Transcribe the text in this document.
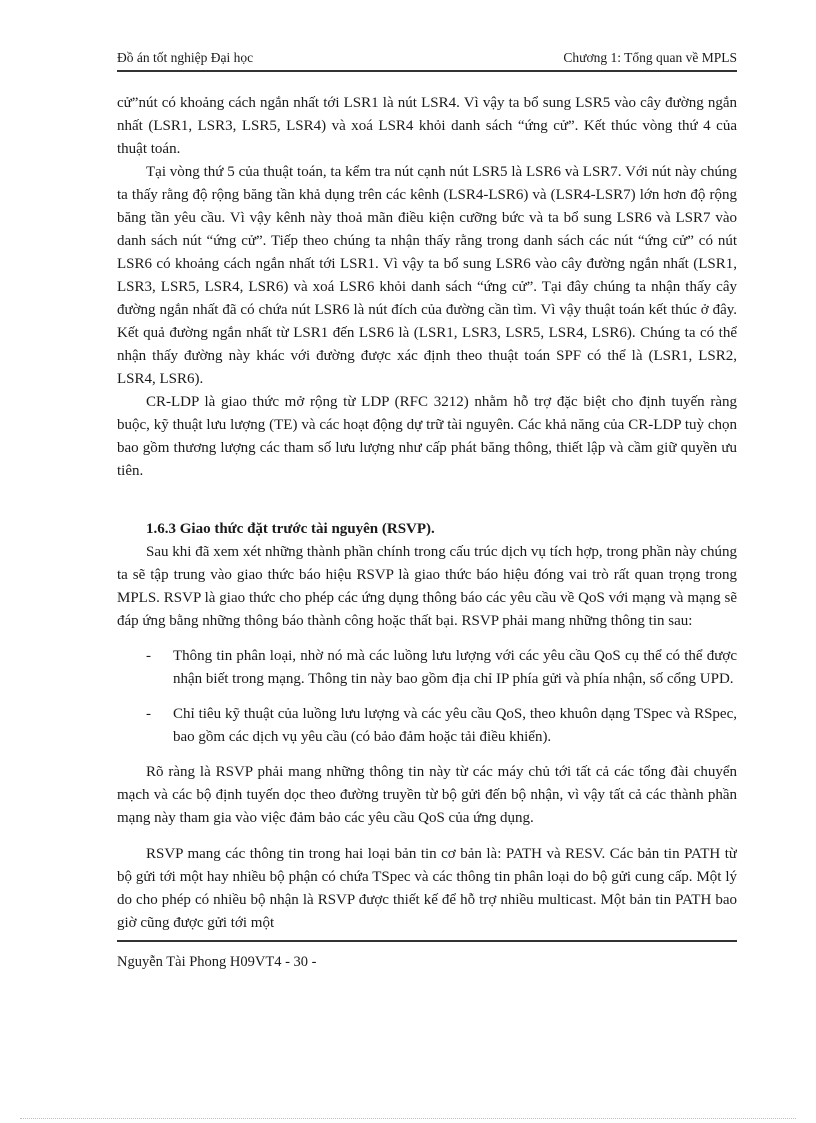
Đồ án tốt nghiệp Đại học	Chương 1: Tổng quan về MPLS

cử”nút có khoảng cách ngắn nhất tới LSR1 là nút LSR4. Vì vậy ta bổ sung LSR5 vào cây đường ngắn nhất (LSR1, LSR3, LSR5, LSR4) và xoá LSR4 khỏi danh sách “ứng cử”. Kết thúc vòng thứ 4 của thuật toán.

Tại vòng thứ 5 của thuật toán, ta kểm tra nút cạnh nút LSR5 là LSR6 và LSR7. Với nút này chúng ta thấy rằng độ rộng băng tần khả dụng trên các kênh (LSR4-LSR6) và (LSR4-LSR7) lớn hơn độ rộng băng tần yêu cầu. Vì vậy kênh này thoả mãn điều kiện cưỡng bức và ta bổ sung LSR6 và LSR7 vào danh sách nút “ứng cử”. Tiếp theo chúng ta nhận thấy rằng trong danh sách các nút “ứng cử” có nút LSR6 có khoảng cách ngắn nhất tới LSR1. Vì vậy ta bổ sung LSR6 vào cây đường ngắn nhất (LSR1, LSR3, LSR5, LSR4, LSR6) và xoá LSR6 khỏi danh sách “ứng cử”. Tại đây chúng ta nhận thấy cây đường ngắn nhất đã có chứa nút LSR6 là nút đích của đường cần tìm. Vì vậy thuật toán kết thúc ở đây. Kết quả đường ngắn nhất từ LSR1 đến LSR6 là (LSR1, LSR3, LSR5, LSR4, LSR6). Chúng ta có thể nhận thấy đường này khác với đường được xác định theo thuật toán SPF có thể là (LSR1, LSR2, LSR4, LSR6).

CR-LDP là giao thức mở rộng từ LDP (RFC 3212) nhằm hỗ trợ đặc biệt cho định tuyến ràng buộc, kỹ thuật lưu lượng (TE) và các hoạt động dự trữ tài nguyên. Các khả năng của CR-LDP tuỳ chọn bao gồm thương lượng các tham số lưu lượng như cấp phát băng thông, thiết lập và cầm giữ quyền ưu tiên.

1.6.3 Giao thức đặt trước tài nguyên (RSVP).

Sau khi đã xem xét những thành phần chính trong cấu trúc dịch vụ tích hợp, trong phần này chúng ta sẽ tập trung vào giao thức báo hiệu RSVP là giao thức báo hiệu đóng vai trò rất quan trọng trong MPLS. RSVP là giao thức cho phép các ứng dụng thông báo các yêu cầu về QoS với mạng và mạng sẽ đáp ứng bằng những thông báo thành công hoặc thất bại. RSVP phải mang những thông tin sau:

- Thông tin phân loại, nhờ nó mà các luồng lưu lượng với các yêu cầu QoS cụ thể có thể được nhận biết trong mạng. Thông tin này bao gồm địa chỉ IP phía gửi và phía nhận, số cổng UPD.
- Chỉ tiêu kỹ thuật của luồng lưu lượng và các yêu cầu QoS, theo khuôn dạng TSpec và RSpec, bao gồm các dịch vụ yêu cầu (có bảo đảm hoặc tải điều khiển).

Rõ ràng là RSVP phải mang những thông tin này từ các máy chủ tới tất cả các tổng đài chuyển mạch và các bộ định tuyến dọc theo đường truyền từ bộ gửi đến bộ nhận, vì vậy tất cả các thành phần mạng này tham gia vào việc đảm bảo các yêu cầu QoS của ứng dụng.

RSVP mang các thông tin trong hai loại bản tin cơ bản là: PATH và RESV. Các bản tin PATH từ bộ gửi tới một hay nhiều bộ phận có chứa TSpec và các thông tin phân loại do bộ gửi cung cấp. Một lý do cho phép có nhiều bộ nhận là RSVP được thiết kế để hỗ trợ nhiều multicast. Một bản tin PATH bao giờ cũng được gửi tới một

Nguyễn Tài Phong H09VT4 - 30 -
